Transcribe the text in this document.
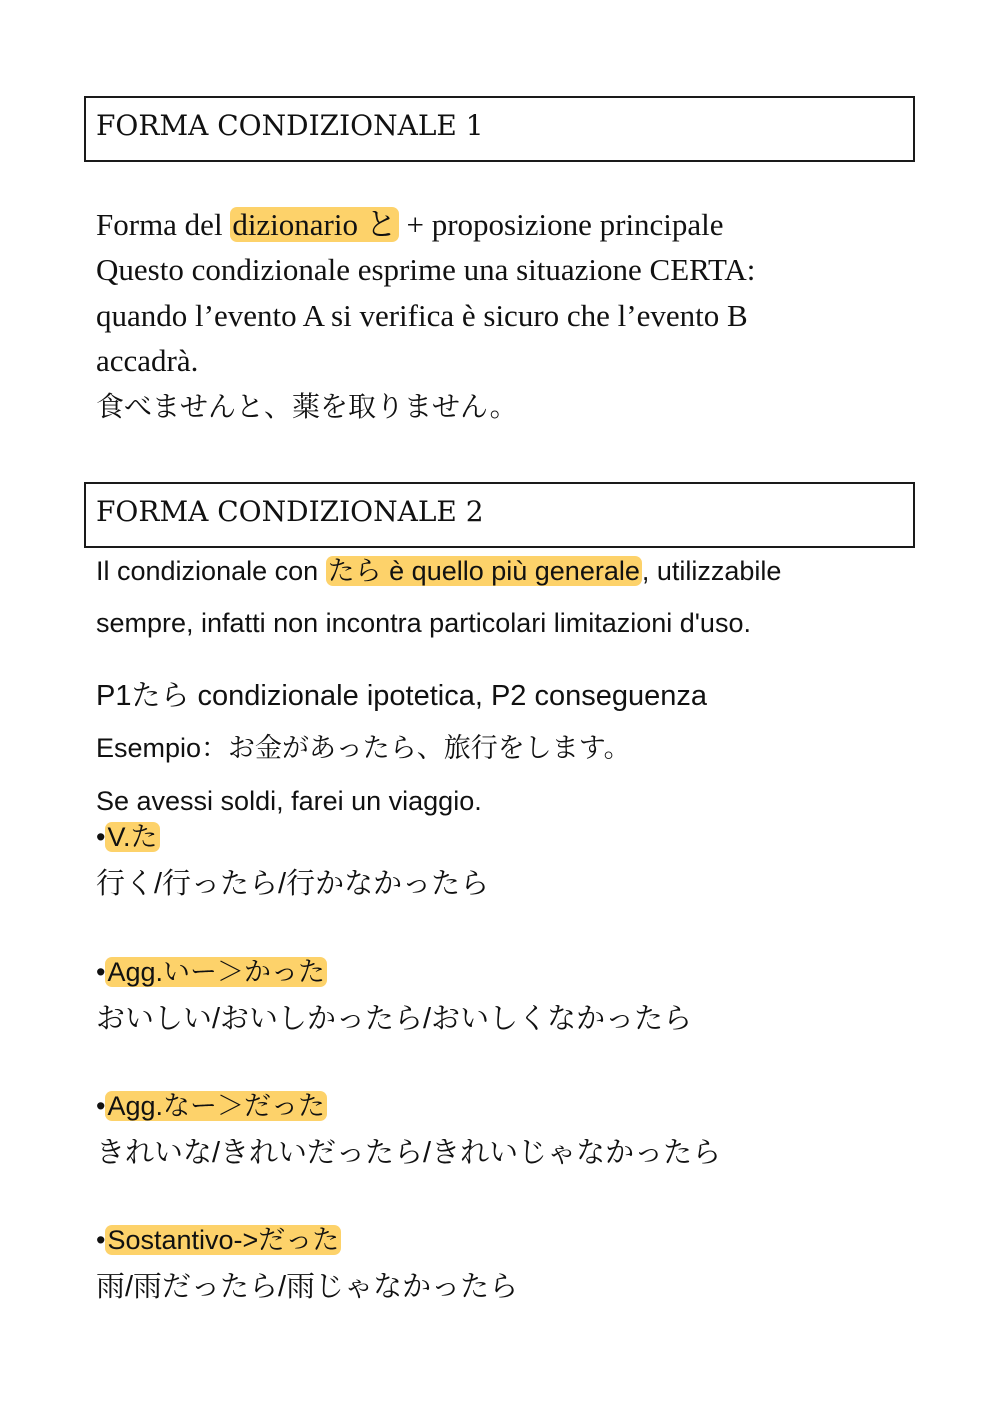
FORMA CONDIZIONALE 1
Forma del dizionario と + proposizione principale
Questo condizionale esprime una situazione CERTA:
quando l’evento A si verifica è sicuro che l’evento B
accadrà.
食べませんと、薬を取りません。
FORMA CONDIZIONALE 2
Il condizionale con たら è quello più generale, utilizzabile
sempre, infatti non incontra particolari limitazioni d'uso.
P1たら condizionale ipotetica, P2 conseguenza
Esempio：お金があったら、旅行をします。
Se avessi soldi, farei un viaggio.
•V.た
行く/行ったら/行かなかったら
•Agg.いー＞かった
おいしい/おいしかったら/おいしくなかったら
•Agg.なー＞だった
きれいな/きれいだったら/きれいじゃなかったら
•Sostantivo->だった
雨/雨だったら/雨じゃなかったら
